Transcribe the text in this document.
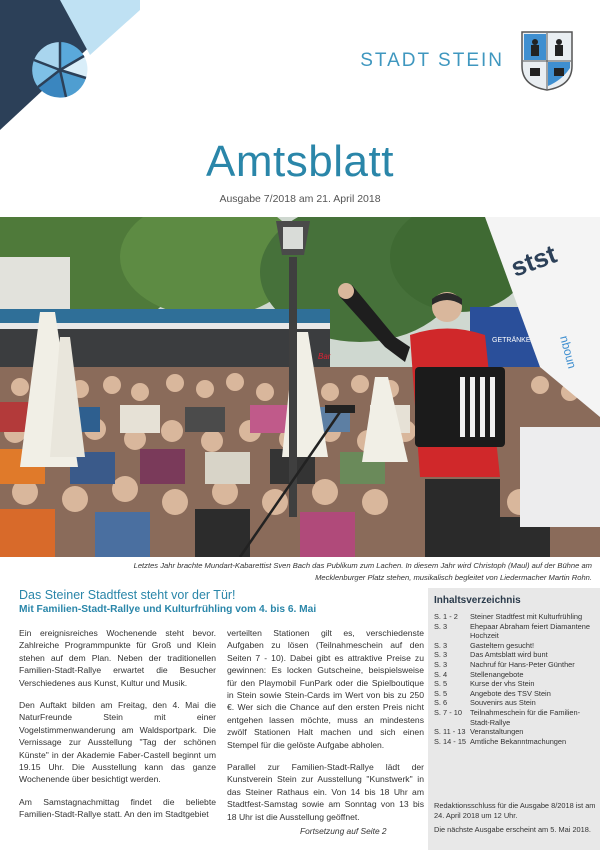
STADT STEIN
Amtsblatt
Ausgabe 7/2018 am 21. April 2018
GETRÄNKE
Bar
stst
nboun
Letztes Jahr brachte Mundart-Kabarettist Sven Bach das Publikum zum Lachen. In diesem Jahr wird Christoph (Maul) auf der Bühne am
Mecklenburger Platz stehen, musikalisch begleitet von Liedermacher Martin Rohn.
Das Steiner Stadtfest steht vor der Tür!
Mit Familien-Stadt-Rallye und Kulturfrühling vom 4. bis 6. Mai

Ein ereignisreiches Wochenende steht bevor. Zahlreiche Programmpunkte für Groß und Klein stehen auf dem Plan. Neben der traditionellen Familien-Stadt-Rallye erwartet die Besucher Verschiedenes aus Kunst, Kultur und Musik.

Den Auftakt bilden am Freitag, den 4. Mai die NaturFreunde Stein mit einer Vogelstimmenwanderung am Waldsportpark. Die Vernissage zur Ausstellung "Tag der schönen Künste" in der Akademie Faber-Castell beginnt um 19.15 Uhr. Die Ausstellung kann das ganze Wochenende über besichtigt werden.

Am Samstagnachmittag findet die beliebte Familien-Stadt-Rallye statt. An den im Stadtgebiet

verteilten Stationen gilt es, verschiedenste Aufgaben zu lösen (Teilnahmeschein auf den Seiten 7 - 10). Dabei gibt es attraktive Preise zu gewinnen: Es locken Gutscheine, beispielsweise für den Playmobil FunPark oder die Spielboutique in Stein sowie Stein-Cards im Wert von bis zu 250 €. Wer sich die Chance auf den ersten Preis nicht entgehen lassen möchte, muss an mindestens zwölf Stationen Halt machen und sich einen Stempel für die gelöste Aufgabe abholen.

Parallel zur Familien-Stadt-Rallye lädt der Kunstverein Stein zur Ausstellung "Kunstwerk" in das Steiner Rathaus ein. Von 14 bis 18 Uhr am Stadtfest-Samstag sowie am Sonntag von 13 bis 18 Uhr ist die Ausstellung geöffnet.

Fortsetzung auf Seite 2
Inhaltsverzeichnis
S. 1 - 2	Steiner Stadtfest mit Kulturfrühling
S. 3	Ehepaar Abraham feiert Diamantene Hochzeit
S. 3	Gasteltern gesucht!
S. 3	Das Amtsblatt wird bunt
S. 3	Nachruf für Hans-Peter Günther
S. 4	Stellenangebote
S. 5	Kurse der vhs Stein
S. 5	Angebote des TSV Stein
S. 6	Souvenirs aus Stein
S. 7 - 10	Teilnahmeschein für die Familien-Stadt-Rallye
S. 11 - 13 Veranstaltungen
S. 14 - 15 Amtliche Bekanntmachungen
Redaktionsschluss für die Ausgabe 8/2018 ist am 24. April 2018 um 12 Uhr.
Die nächste Ausgabe erscheint am 5. Mai 2018.
